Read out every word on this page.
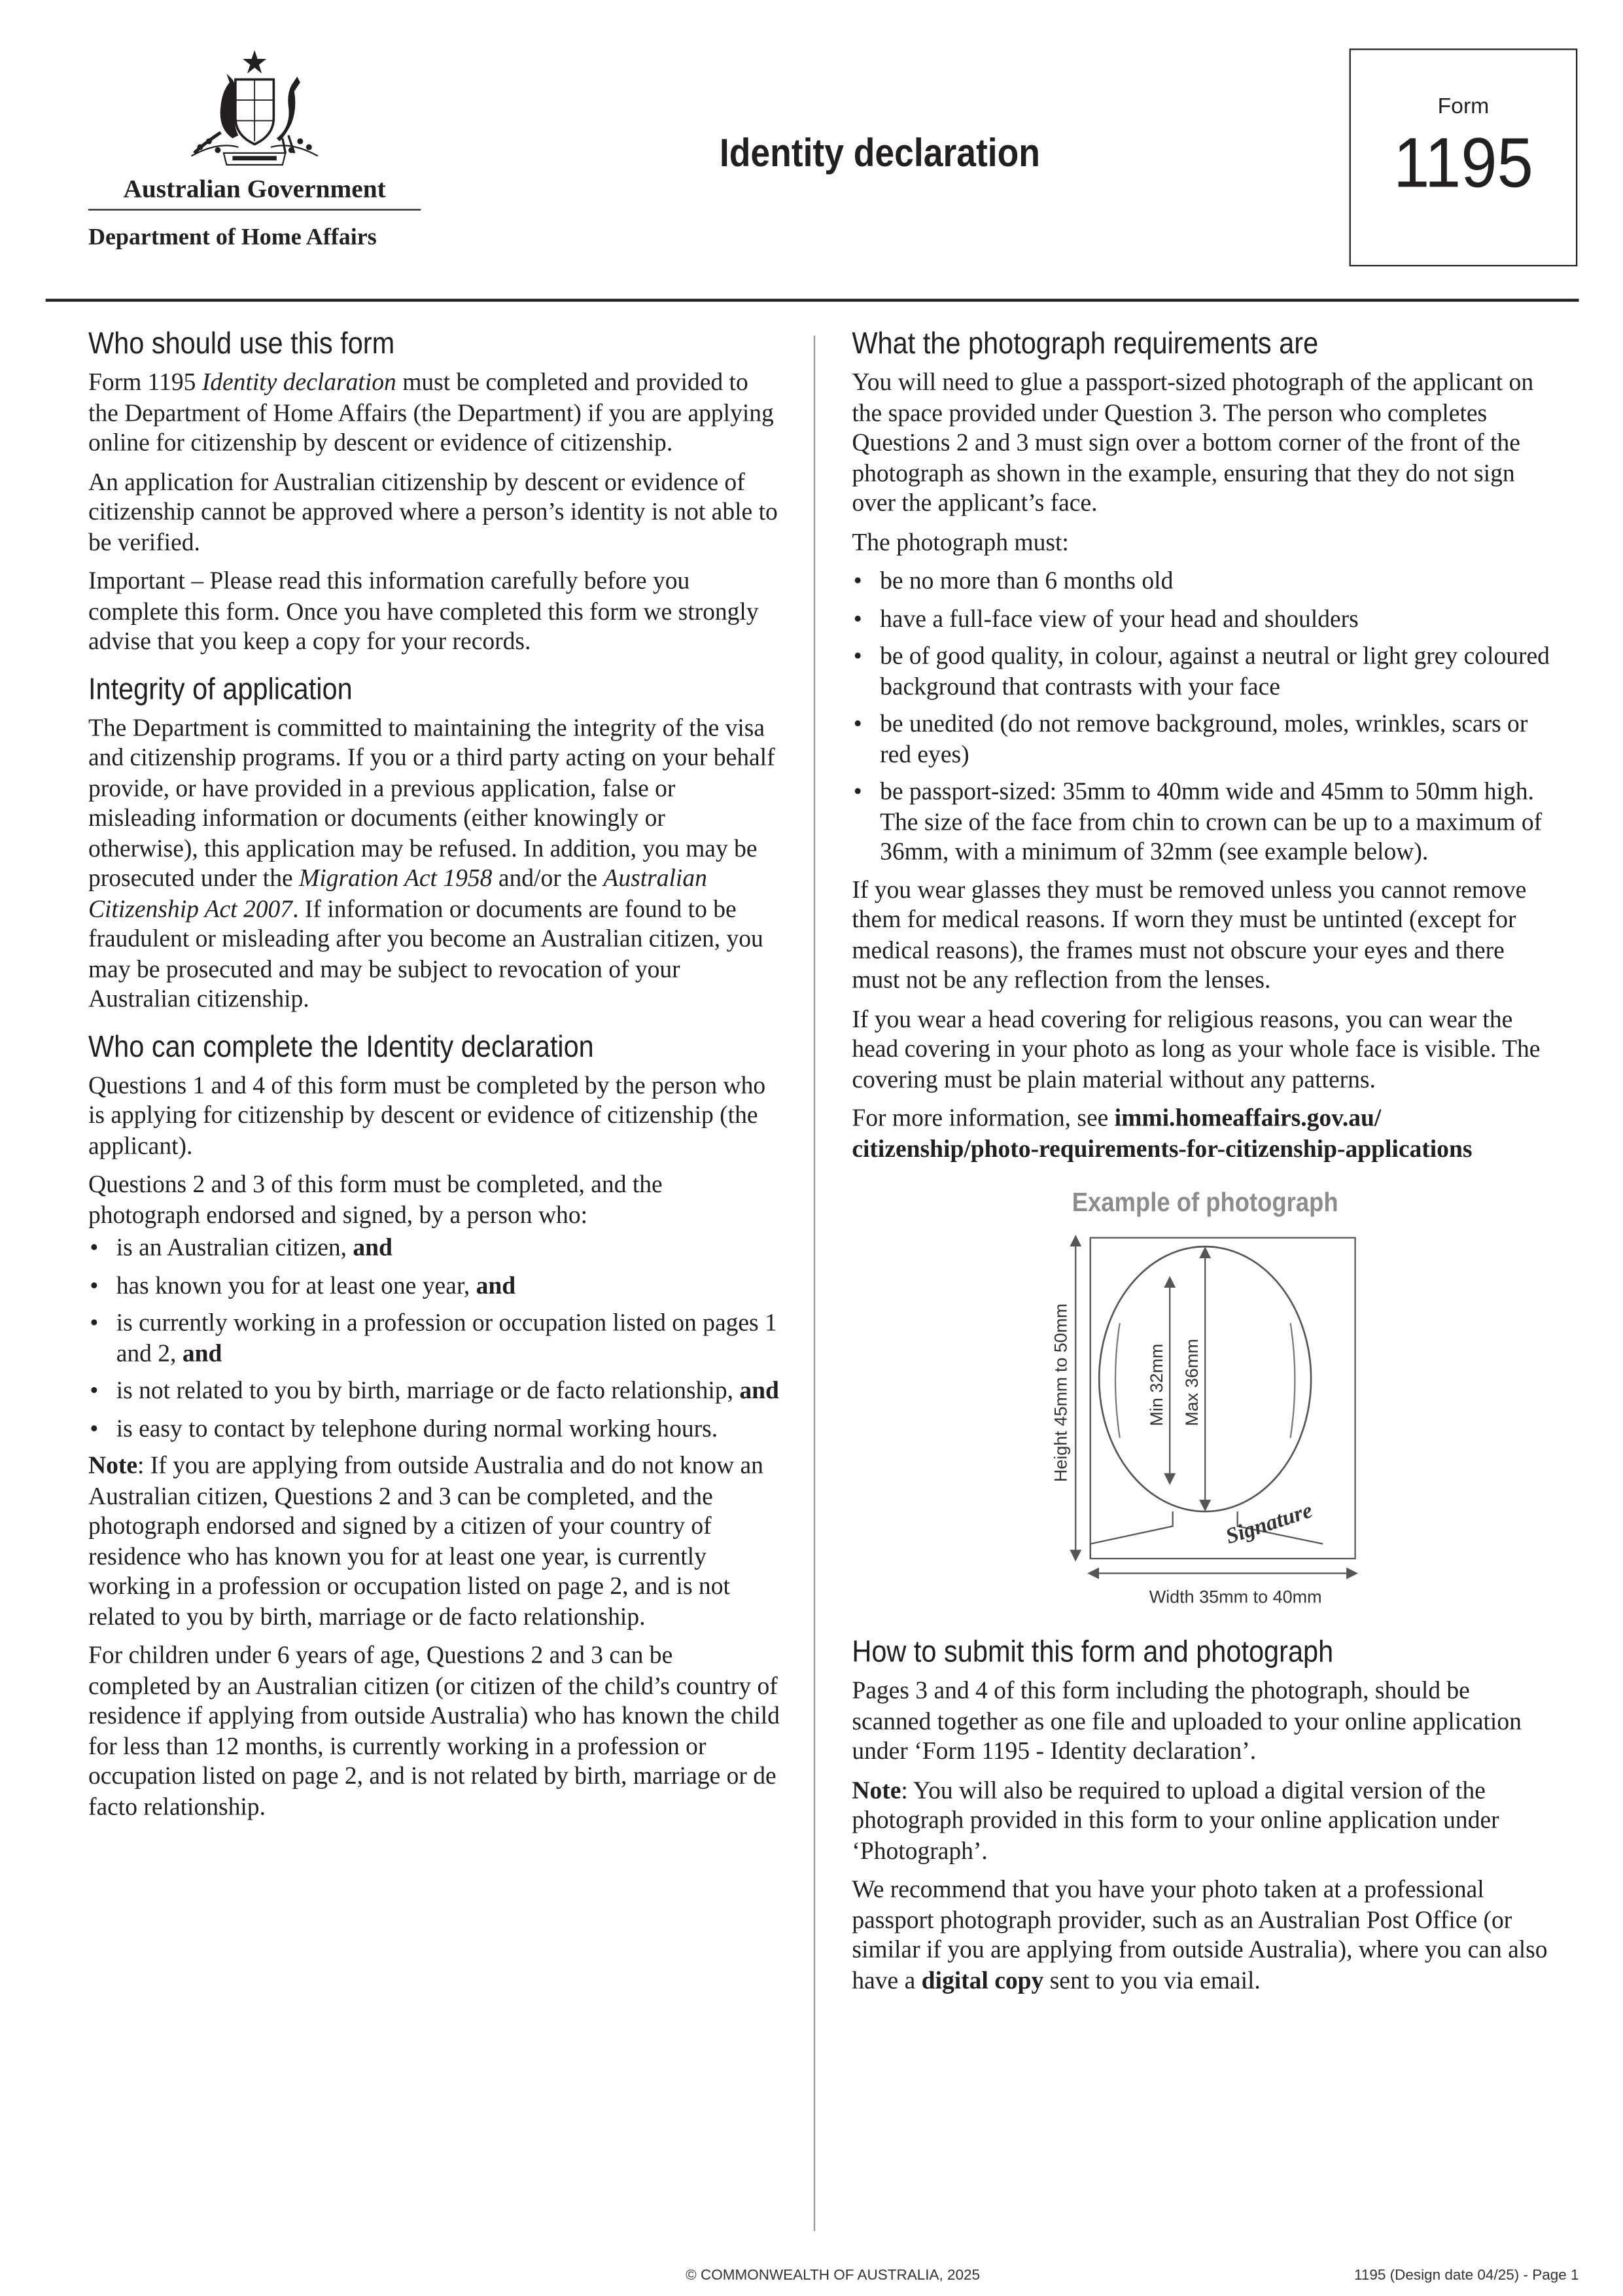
Australian Government
Department of Home Affairs
Identity declaration
Form
1195
Who should use this form

Form 1195 Identity declaration must be completed and provided to the Department of Home Affairs (the Department) if you are applying online for citizenship by descent or evidence of citizenship.

An application for Australian citizenship by descent or evidence of citizenship cannot be approved where a person’s identity is not able to be verified.

Important – Please read this information carefully before you complete this form. Once you have completed this form we strongly advise that you keep a copy for your records.

Integrity of application

The Department is committed to maintaining the integrity of the visa and citizenship programs. If you or a third party acting on your behalf provide, or have provided in a previous application, false or misleading information or documents (either knowingly or otherwise), this application may be refused. In addition, you may be prosecuted under the Migration Act 1958 and/or the Australian Citizenship Act 2007. If information or documents are found to be fraudulent or misleading after you become an Australian citizen, you may be prosecuted and may be subject to revocation of your Australian citizenship.

Who can complete the Identity declaration

Questions 1 and 4 of this form must be completed by the person who is applying for citizenship by descent or evidence of citizenship (the applicant).

Questions 2 and 3 of this form must be completed, and the photograph endorsed and signed, by a person who:

• is an Australian citizen, and
• has known you for at least one year, and
• is currently working in a profession or occupation listed on pages 1 and 2, and
• is not related to you by birth, marriage or de facto relationship, and
• is easy to contact by telephone during normal working hours.

Note: If you are applying from outside Australia and do not know an Australian citizen, Questions 2 and 3 can be completed, and the photograph endorsed and signed by a citizen of your country of residence who has known you for at least one year, is currently working in a profession or occupation listed on page 2, and is not related to you by birth, marriage or de facto relationship.

For children under 6 years of age, Questions 2 and 3 can be completed by an Australian citizen (or citizen of the child’s country of residence if applying from outside Australia) who has known the child for less than 12 months, is currently working in a profession or occupation listed on page 2, and is not related by birth, marriage or de facto relationship.

What the photograph requirements are

You will need to glue a passport-sized photograph of the applicant on the space provided under Question 3. The person who completes Questions 2 and 3 must sign over a bottom corner of the front of the photograph as shown in the example, ensuring that they do not sign over the applicant’s face.

The photograph must:

• be no more than 6 months old
• have a full-face view of your head and shoulders
• be of good quality, in colour, against a neutral or light grey coloured background that contrasts with your face
• be unedited (do not remove background, moles, wrinkles, scars or red eyes)
• be passport-sized: 35mm to 40mm wide and 45mm to 50mm high. The size of the face from chin to crown can be up to a maximum of 36mm, with a minimum of 32mm (see example below).

If you wear glasses they must be removed unless you cannot remove them for medical reasons. If worn they must be untinted (except for medical reasons), the frames must not obscure your eyes and there must not be any reflection from the lenses.

If you wear a head covering for religious reasons, you can wear the head covering in your photo as long as your whole face is visible. The covering must be plain material without any patterns.

For more information, see immi.homeaffairs.gov.au/ citizenship/photo-requirements-for-citizenship-applications

Example of photograph
Height 45mm to 50mm	Min 32mm Max 36mm
Signature
Width 35mm to 40mm
How to submit this form and photograph

Pages 3 and 4 of this form including the photograph, should be scanned together as one file and uploaded to your online application under ‘Form 1195 - Identity declaration’.

Note: You will also be required to upload a digital version of the photograph provided in this form to your online application under ‘Photograph’.

We recommend that you have your photo taken at a professional passport photograph provider, such as an Australian Post Office (or similar if you are applying from outside Australia), where you can also have a digital copy sent to you via email.

© COMMONWEALTH OF AUSTRALIA, 2025	1195 (Design date 04/25) - Page 1
